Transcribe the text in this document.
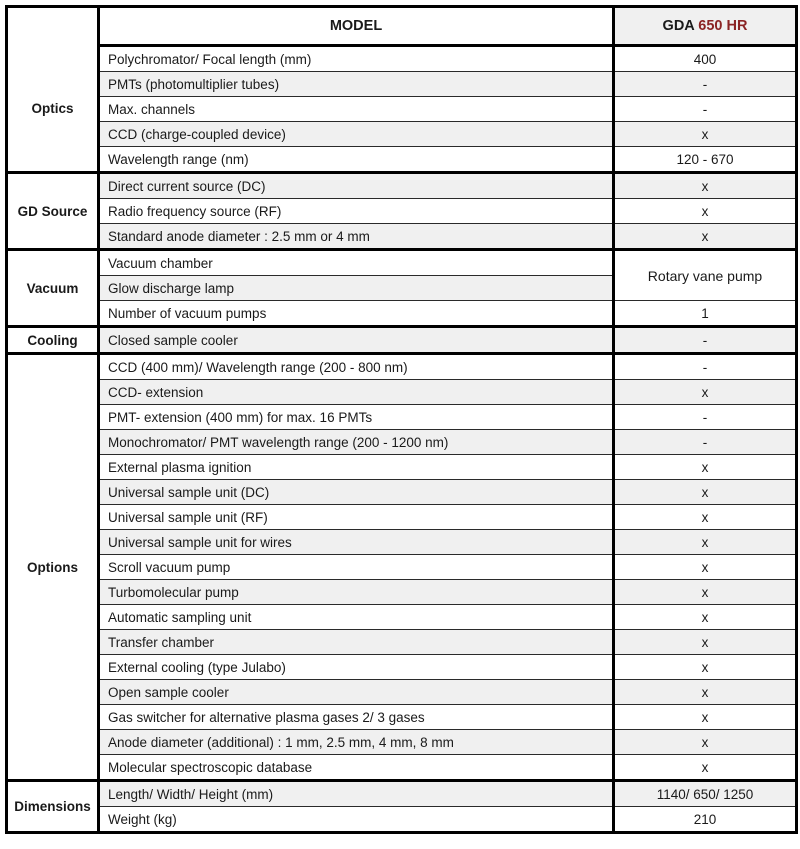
	MODEL	GDA 650 HR
Optics	Polychromator/ Focal length (mm)	400
	PMTs (photomultiplier tubes)	-
	Max. channels	-
	CCD (charge-coupled device)	x
	Wavelength range (nm)	120 - 670
GD Source	Direct current source (DC)	x
	Radio frequency source (RF)	x
	Standard anode diameter : 2.5 mm or 4 mm	x
Vacuum	Vacuum chamber	Rotary vane pump
	Glow discharge lamp	
	Number of vacuum pumps	1
Cooling	Closed sample cooler	-
Options	CCD (400 mm)/ Wavelength range (200 - 800 nm)	-
	CCD- extension	x
	PMT- extension (400 mm) for max. 16 PMTs	-
	Monochromator/ PMT wavelength range (200 - 1200 nm)	-
	External plasma ignition	x
	Universal sample unit (DC)	x
	Universal sample unit (RF)	x
	Universal sample unit for wires	x
	Scroll vacuum pump	x
	Turbomolecular pump	x
	Automatic sampling unit	x
	Transfer chamber	x
	External cooling (type Julabo)	x
	Open sample cooler	x
	Gas switcher for alternative plasma gases 2/ 3 gases	x
	Anode diameter (additional) : 1 mm, 2.5 mm, 4 mm, 8 mm	x
	Molecular spectroscopic database	x
Dimensions	Length/ Width/ Height (mm)	1140/ 650/ 1250
	Weight (kg)	210
